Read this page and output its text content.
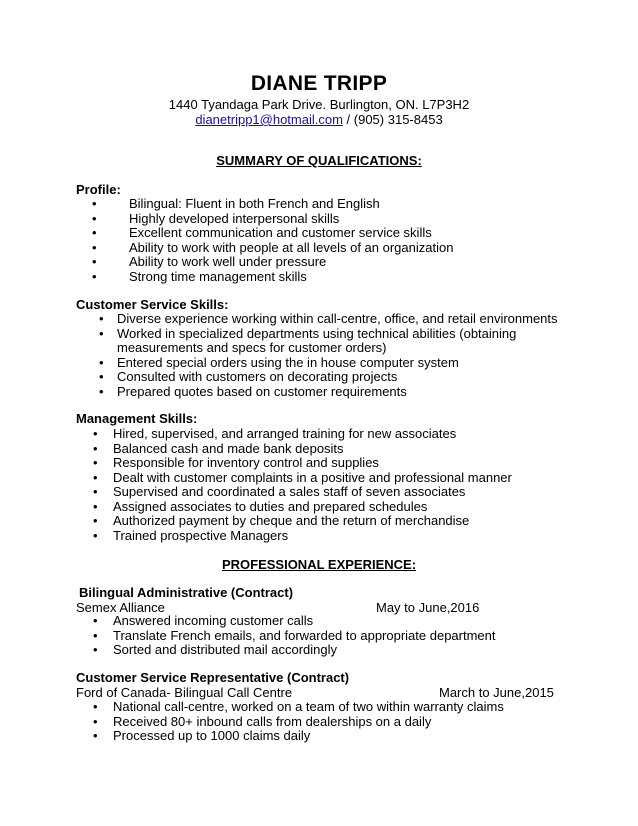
DIANE TRIPP
1440 Tyandaga Park Drive. Burlington, ON. L7P3H2
dianetripp1@hotmail.com / (905) 315-8453
SUMMARY OF QUALIFICATIONS:
Profile:
• Bilingual: Fluent in both French and English
• Highly developed interpersonal skills
• Excellent communication and customer service skills
• Ability to work with people at all levels of an organization
• Ability to work well under pressure
• Strong time management skills
Customer Service Skills:
• Diverse experience working within call-centre, office, and retail environments
• Worked in specialized departments using technical abilities (obtaining
measurements and specs for customer orders)
• Entered special orders using the in house computer system
• Consulted with customers on decorating projects
• Prepared quotes based on customer requirements
Management Skills:
• Hired, supervised, and arranged training for new associates
• Balanced cash and made bank deposits
• Responsible for inventory control and supplies
• Dealt with customer complaints in a positive and professional manner
• Supervised and coordinated a sales staff of seven associates
• Assigned associates to duties and prepared schedules
• Authorized payment by cheque and the return of merchandise
• Trained prospective Managers
PROFESSIONAL EXPERIENCE:
Bilingual Administrative (Contract)
Semex Alliance	May to June,2016
• Answered incoming customer calls
• Translate French emails, and forwarded to appropriate department
• Sorted and distributed mail accordingly
Customer Service Representative (Contract)
Ford of Canada- Bilingual Call Centre	March to June,2015
• National call-centre, worked on a team of two within warranty claims
• Received 80+ inbound calls from dealerships on a daily
• Processed up to 1000 claims daily
